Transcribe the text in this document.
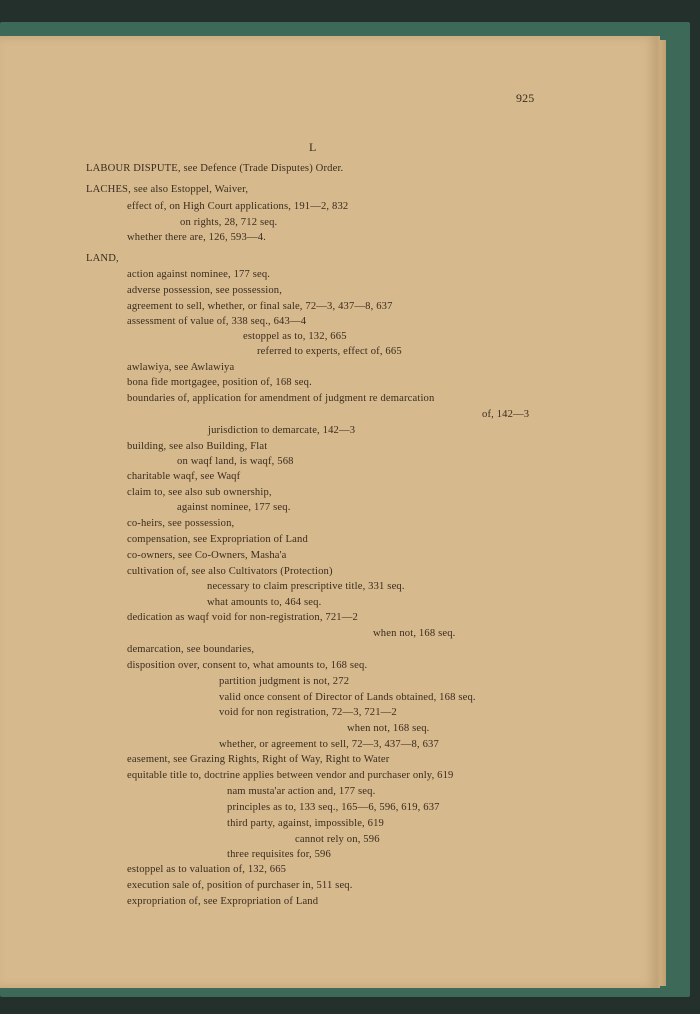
925
L
LABOUR DISPUTE, see Defence (Trade Disputes) Order.
LACHES, see also Estoppel, Waiver,
effect of, on High Court applications, 191—2, 832
on rights, 28, 712 seq.
whether there are, 126, 593—4.
LAND,
action against nominee, 177 seq.
adverse possession, see possession,
agreement to sell, whether, or final sale, 72—3, 437—8, 637
assessment of value of, 338 seq., 643—4
estoppel as to, 132, 665
referred to experts, effect of, 665
awlawiya, see Awlawiya
bona fide mortgagee, position of, 168 seq.
boundaries of, application for amendment of judgment re demarcation
of, 142—3
jurisdiction to demarcate, 142—3
building, see also Building, Flat
on waqf land, is waqf, 568
charitable waqf, see Waqf
claim to, see also sub ownership,
against nominee, 177 seq.
co-heirs, see possession,
compensation, see Expropriation of Land
co-owners, see Co-Owners, Masha'a
cultivation of, see also Cultivators (Protection)
necessary to claim prescriptive title, 331 seq.
what amounts to, 464 seq.
dedication as waqf void for non-registration, 721—2
when not, 168 seq.
demarcation, see boundaries,
disposition over, consent to, what amounts to, 168 seq.
partition judgment is not, 272
valid once consent of Director of Lands obtained, 168 seq.
void for non registration, 72—3, 721—2
when not, 168 seq.
whether, or agreement to sell, 72—3, 437—8, 637
easement, see Grazing Rights, Right of Way, Right to Water
equitable title to, doctrine applies between vendor and purchaser only, 619
nam musta'ar action and, 177 seq.
principles as to, 133 seq., 165—6, 596, 619, 637
third party, against, impossible, 619
cannot rely on, 596
three requisites for, 596
estoppel as to valuation of, 132, 665
execution sale of, position of purchaser in, 511 seq.
expropriation of, see Expropriation of Land
